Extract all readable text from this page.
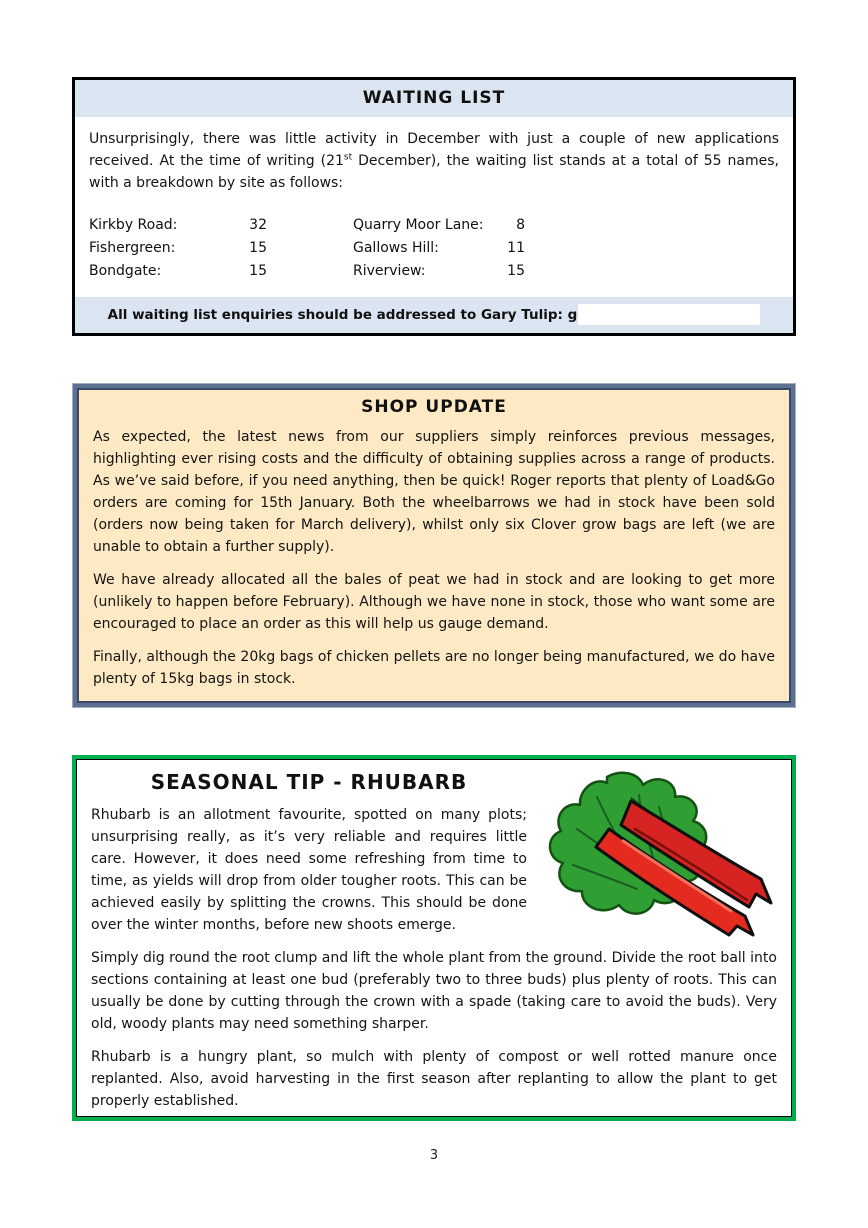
WAITING LIST

Unsurprisingly, there was little activity in December with just a couple of new applications received. At the time of writing (21st December), the waiting list stands at a total of 55 names, with a breakdown by site as follows:

Kirkby Road:	32	Quarry Moor Lane:	8
Fishergreen:	15	Gallows Hill:	11
Bondgate:	15	Riverview:	15
All waiting list enquiries should be addressed to Gary Tulip: g
SHOP UPDATE

As expected, the latest news from our suppliers simply reinforces previous messages, highlighting ever rising costs and the difficulty of obtaining supplies across a range of products. As we’ve said before, if you need anything, then be quick! Roger reports that plenty of Load&Go orders are coming for 15th January. Both the wheelbarrows we had in stock have been sold (orders now being taken for March delivery), whilst only six Clover grow bags are left (we are unable to obtain a further supply).

We have already allocated all the bales of peat we had in stock and are looking to get more (unlikely to happen before February). Although we have none in stock, those who want some are encouraged to place an order as this will help us gauge demand.

Finally, although the 20kg bags of chicken pellets are no longer being manufactured, we do have plenty of 15kg bags in stock.

SEASONAL TIP - RHUBARB

Rhubarb is an allotment favourite, spotted on many plots; unsurprising really, as it’s very reliable and requires little care. However, it does need some refreshing from time to time, as yields will drop from older tougher roots. This can be achieved easily by splitting the crowns. This should be done over the winter months, before new shoots emerge.

Simply dig round the root clump and lift the whole plant from the ground. Divide the root ball into sections containing at least one bud (preferably two to three buds) plus plenty of roots. This can usually be done by cutting through the crown with a spade (taking care to avoid the buds). Very old, woody plants may need something sharper.

Rhubarb is a hungry plant, so mulch with plenty of compost or well rotted manure once replanted. Also, avoid harvesting in the first season after replanting to allow the plant to get properly established.

3
